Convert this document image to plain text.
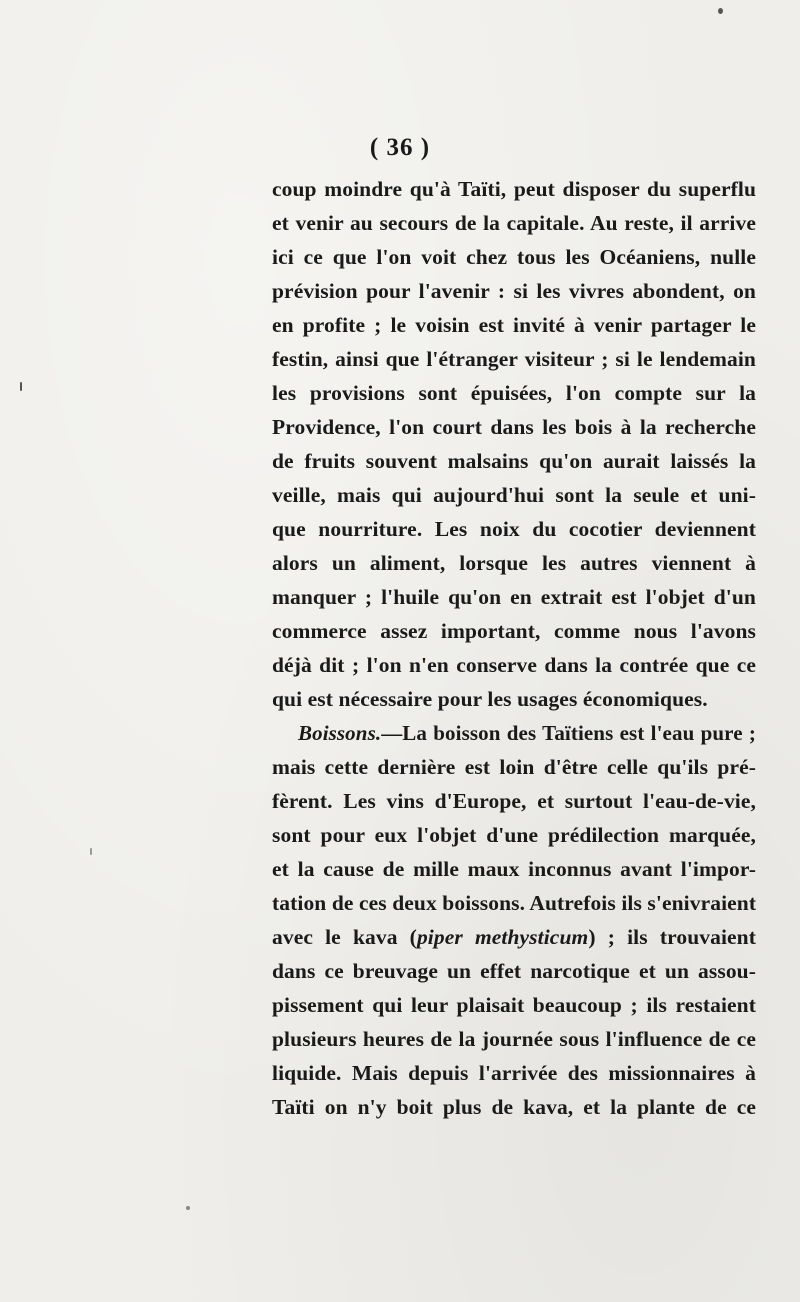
( 36 )
coup moindre qu'à Taïti, peut disposer du superflu
et venir au secours de la capitale. Au reste, il arrive
ici ce que l'on voit chez tous les Océaniens, nulle
prévision pour l'avenir : si les vivres abondent, on
en profite ; le voisin est invité à venir partager le
festin, ainsi que l'étranger visiteur ; si le lendemain
les provisions sont épuisées, l'on compte sur la
Providence, l'on court dans les bois à la recherche
de fruits souvent malsains qu'on aurait laissés la
veille, mais qui aujourd'hui sont la seule et uni-
que nourriture. Les noix du cocotier deviennent
alors un aliment, lorsque les autres viennent à
manquer ; l'huile qu'on en extrait est l'objet d'un
commerce assez important, comme nous l'avons
déjà dit ; l'on n'en conserve dans la contrée que ce
qui est nécessaire pour les usages économiques.
Boissons.—La boisson des Taïtiens est l'eau pure ;
mais cette dernière est loin d'être celle qu'ils pré-
fèrent. Les vins d'Europe, et surtout l'eau-de-vie,
sont pour eux l'objet d'une prédilection marquée,
et la cause de mille maux inconnus avant l'impor-
tation de ces deux boissons. Autrefois ils s'enivraient
avec le kava (piper methysticum) ; ils trouvaient
dans ce breuvage un effet narcotique et un assou-
pissement qui leur plaisait beaucoup ; ils restaient
plusieurs heures de la journée sous l'influence de ce
liquide. Mais depuis l'arrivée des missionnaires à
Taïti on n'y boit plus de kava, et la plante de ce
